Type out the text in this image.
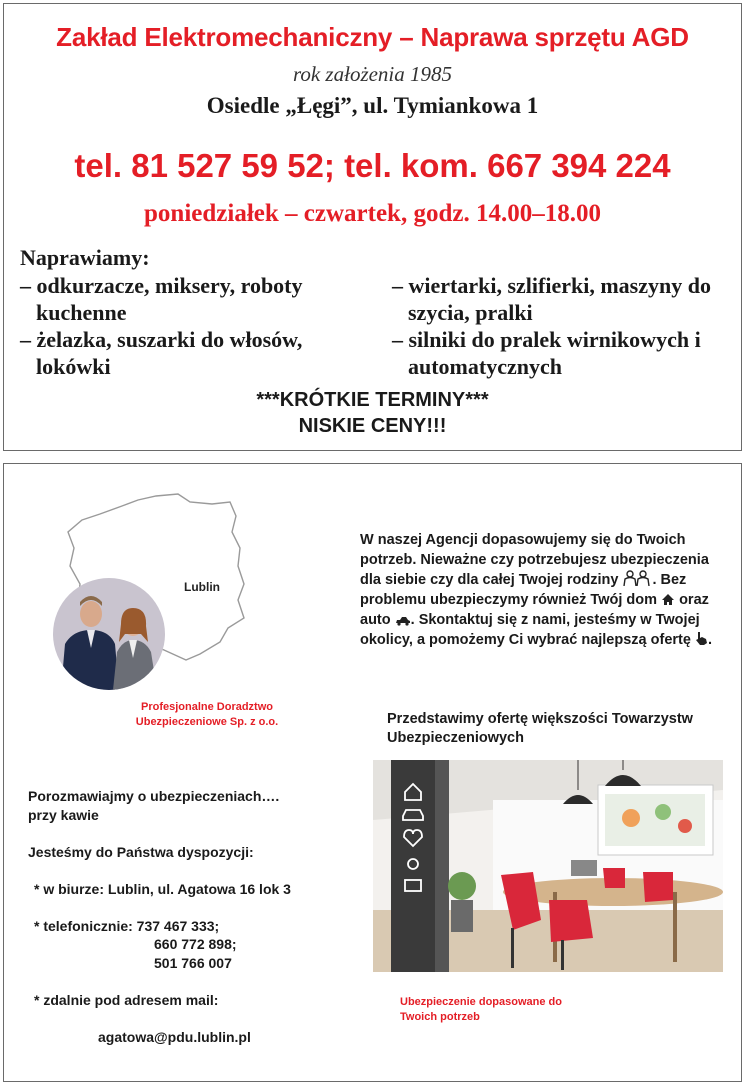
Zakład Elektromechaniczny – Naprawa sprzętu AGD
rok założenia 1985
Osiedle „Łęgi”, ul. Tymiankowa 1
tel. 81 527 59 52; tel. kom. 667 394 224
poniedziałek – czwartek, godz. 14.00–18.00
Naprawiamy:
– odkurzacze, miksery, roboty kuchenne
– żelazka, suszarki do włosów, lokówki
– wiertarki, szlifierki, maszyny do szycia, pralki
– silniki do pralek wirnikowych i automatycznych
***KRÓTKIE TERMINY***
NISKIE CENY!!!
Lublin
Profesjonalne Doradztwo Ubezpieczeniowe Sp. z o.o.
W naszej Agencji dopasowujemy się do Twoich potrzeb. Nieważne czy potrzebujesz ubezpieczenia dla siebie czy dla całej Twojej rodziny . Bez problemu ubezpieczymy również Twój dom  oraz auto . Skontaktuj się z nami, jesteśmy w Twojej okolicy, a pomożemy Ci wybrać najlepszą ofertę .
Przedstawimy ofertę większości Towarzystw Ubezpieczeniowych
Porozmawiajmy o ubezpieczeniach….
przy kawie
Jesteśmy do Państwa dyspozycji:
* w biurze: Lublin, ul. Agatowa 16 lok 3
* telefonicznie: 737 467 333;
660 772 898;
501 766 007
* zdalnie pod adresem mail:
agatowa@pdu.lublin.pl
Ubezpieczenie dopasowane do Twoich potrzeb
